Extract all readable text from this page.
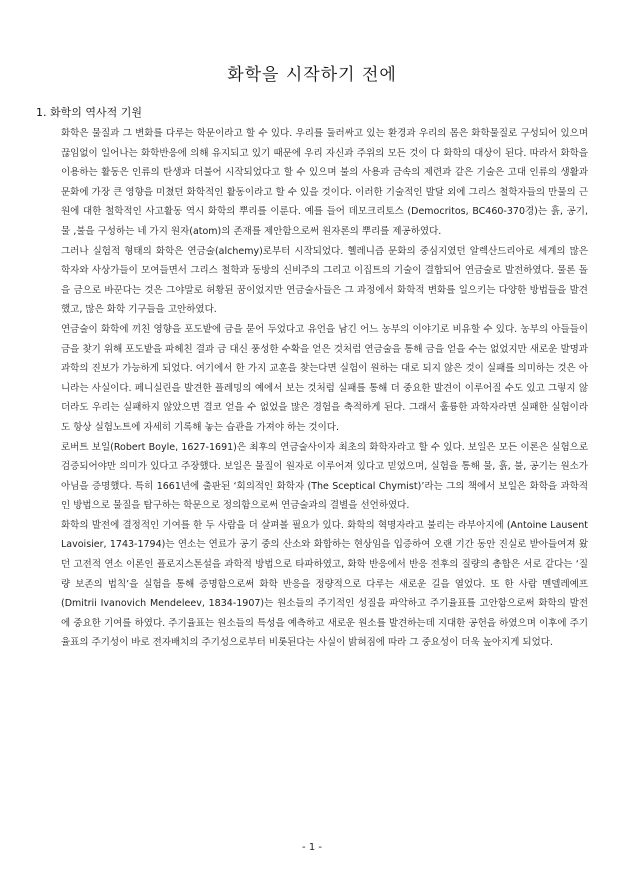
화학을 시작하기 전에
1. 화학의 역사적 기원

화학은 물질과 그 변화를 다루는 학문이라고 할 수 있다. 우리를 둘러싸고 있는 환경과 우리의 몸은 화학물질로 구성되어 있으며 끊임없이 일어나는 화학반응에 의해 유지되고 있기 때문에 우리 자신과 주위의 모든 것이 다 화학의 대상이 된다. 따라서 화학을 이용하는 활동은 인류의 탄생과 더불어 시작되었다고 할 수 있으며 불의 사용과 금속의 제련과 같은 기술은 고대 인류의 생활과 문화에 가장 큰 영향을 미쳤던 화학적인 활동이라고 할 수 있을 것이다. 이러한 기술적인 발달 외에 그리스 철학자들의 만물의 근원에 대한 철학적인 사고활동 역시 화학의 뿌리를 이룬다. 예를 들어 데모크리토스 (Democritos, BC460-370경)는 흙, 공기, 물 ,불을 구성하는 네 가지 원자(atom)의 존재를 제안함으로써 원자론의 뿌리를 제공하였다.

그러나 실험적 형태의 화학은 연금술(alchemy)로부터 시작되었다. 헬레니즘 문화의 중심지였던 알렉산드리아로 세계의 많은 학자와 사상가들이 모여들면서 그리스 철학과 동방의 신비주의 그리고 이집트의 기술이 결합되어 연금술로 발전하였다. 물론 돌을 금으로 바꾼다는 것은 그야말로 허황된 꿈이었지만 연금술사들은 그 과정에서 화학적 변화를 일으키는 다양한 방법들을 발견했고, 많은 화학 기구들을 고안하였다.

연금술이 화학에 끼친 영향을 포도밭에 금을 묻어 두었다고 유언을 남긴 어느 농부의 이야기로 비유할 수 있다. 농부의 아들들이 금을 찾기 위해 포도밭을 파헤친 결과 금 대신 풍성한 수확을 얻은 것처럼 연금술을 통해 금을 얻을 수는 없었지만 새로운 발명과 과학의 진보가 가능하게 되었다. 여기에서 한 가지 교훈을 찾는다면 실험이 원하는 대로 되지 않은 것이 실패를 의미하는 것은 아니라는 사실이다. 페니실린을 발견한 플레밍의 예에서 보는 것처럼 실패를 통해 더 중요한 발견이 이루어질 수도 있고 그렇지 않더라도 우리는 실패하지 않았으면 결코 얻을 수 없었을 많은 경험을 축적하게 된다. 그래서 훌륭한 과학자라면 실패한 실험이라도 항상 실험노트에 자세히 기록해 놓는 습관을 가져야 하는 것이다.

로버트 보일(Robert Boyle, 1627-1691)은 최후의 연금술사이자 최초의 화학자라고 할 수 있다. 보일은 모든 이론은 실험으로 검증되어야만 의미가 있다고 주장했다. 보일은 물질이 원자로 이루어져 있다고 믿었으며, 실험을 통해 물, 흙, 불, 공기는 원소가 아님을 증명했다. 특히 1661년에 출판된 ‘회의적인 화학자 (The Sceptical Chymist)’라는 그의 책에서 보일은 화학을 과학적인 방법으로 물질을 탐구하는 학문으로 정의함으로써 연금술과의 결별을 선언하였다.

화학의 발전에 결정적인 기여를 한 두 사람을 더 살펴볼 필요가 있다. 화학의 혁명자라고 불리는 라부아지에 (Antoine Lausent Lavoisier, 1743-1794)는 연소는 연료가 공기 중의 산소와 화합하는 현상임을 입증하여 오랜 기간 동안 진실로 받아들여져 왔던 고전적 연소 이론인 플로지스톤설을 과학적 방법으로 타파하였고, 화학 반응에서 반응 전후의 질량의 총합은 서로 같다는 ‘질량 보존의 법칙’을 실험을 통해 증명함으로써 화학 반응을 정량적으로 다루는 새로운 길을 열었다. 또 한 사람 멘델레예프 (Dmitrii Ivanovich Mendeleev, 1834-1907)는 원소들의 주기적인 성질을 파악하고 주기율표를 고안함으로써 화학의 발전에 중요한 기여를 하였다. 주기율표는 원소들의 특성을 예측하고 새로운 원소를 발견하는데 지대한 공헌을 하였으며 이후에 주기율표의 주기성이 바로 전자배치의 주기성으로부터 비롯된다는 사실이 밝혀짐에 따라 그 중요성이 더욱 높아지게 되었다.

- 1 -
